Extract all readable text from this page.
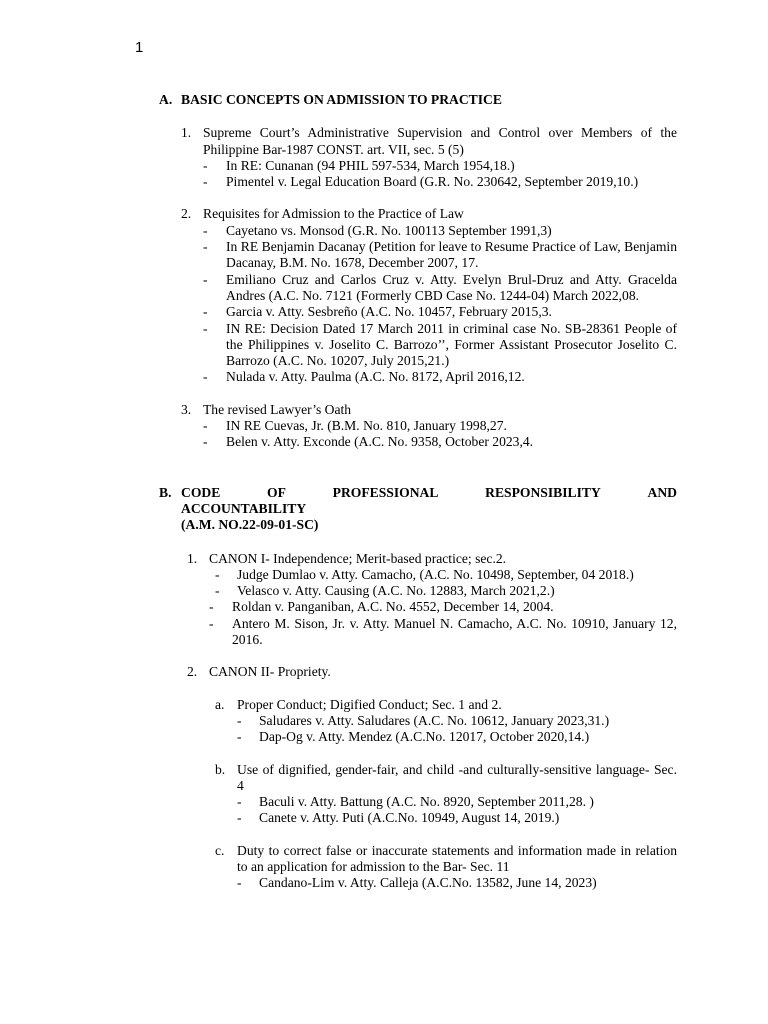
1
A. BASIC CONCEPTS ON ADMISSION TO PRACTICE
1. Supreme Court’s Administrative Supervision and Control over Members of the Philippine Bar-1987 CONST. art. VII, sec. 5 (5)
-	In RE: Cunanan (94 PHIL 597-534, March 1954,18.)
-	Pimentel v. Legal Education Board (G.R. No. 230642, September 2019,10.)
2. Requisites for Admission to the Practice of Law
-	Cayetano vs. Monsod (G.R. No. 100113 September 1991,3)
-	In RE Benjamin Dacanay (Petition for leave to Resume Practice of Law, Benjamin Dacanay, B.M. No. 1678, December 2007, 17.
-	Emiliano Cruz and Carlos Cruz v. Atty. Evelyn Brul-Druz and Atty. Gracelda Andres (A.C. No. 7121 (Formerly CBD Case No. 1244-04) March 2022,08.
-	Garcia v. Atty. Sesbreño (A.C. No. 10457, February 2015,3.
-	IN RE: Decision Dated 17 March 2011 in criminal case No. SB-28361 People of the Philippines v. Joselito C. Barrozo’’, Former Assistant Prosecutor Joselito C. Barrozo (A.C. No. 10207, July 2015,21.)
-	Nulada v. Atty. Paulma (A.C. No. 8172, April 2016,12.
3. The revised Lawyer’s Oath
-	IN RE Cuevas, Jr. (B.M. No. 810, January 1998,27.
-	Belen v. Atty. Exconde (A.C. No. 9358, October 2023,4.
B. CODE	OF	PROFESSIONAL	RESPONSIBILITY	AND
ACCOUNTABILITY
(A.M. NO.22-09-01-SC)
1. CANON I- Independence; Merit-based practice; sec.2.
-	Judge Dumlao v. Atty. Camacho, (A.C. No. 10498, September, 04 2018.)
-	Velasco v. Atty. Causing (A.C. No. 12883, March 2021,2.)
-	Roldan v. Panganiban, A.C. No. 4552, December 14, 2004.
-	Antero M. Sison, Jr. v. Atty. Manuel N. Camacho, A.C. No. 10910, January 12, 2016.
2. CANON II- Propriety.
a. Proper Conduct; Digified Conduct; Sec. 1 and 2.
-	Saludares v. Atty. Saludares (A.C. No. 10612, January 2023,31.)
-	Dap-Og v. Atty. Mendez (A.C.No. 12017, October 2020,14.)
b. Use of dignified, gender-fair, and child -and culturally-sensitive language- Sec. 4
-	Baculi v. Atty. Battung (A.C. No. 8920, September 2011,28. )
-	Canete v. Atty. Puti (A.C.No. 10949, August 14, 2019.)
c. Duty to correct false or inaccurate statements and information made in relation to an application for admission to the Bar- Sec. 11
-	Candano-Lim v. Atty. Calleja (A.C.No. 13582, June 14, 2023)
